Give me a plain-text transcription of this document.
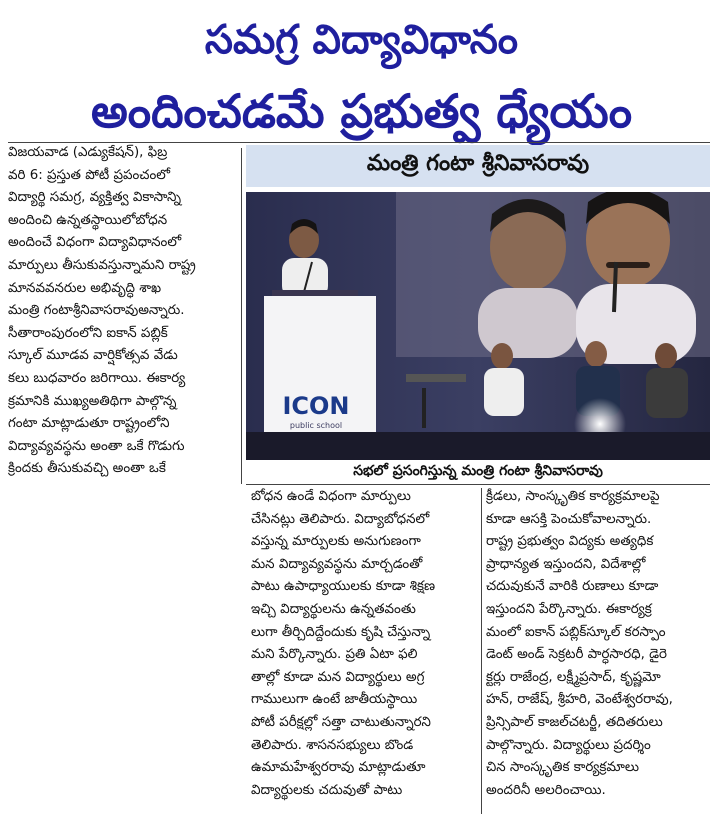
సమగ్ర విద్యావిధానం
అందించడమే ప్రభుత్వ ధ్యేయం

విజయవాడ (ఎడ్యుకేషన్), ఫిబ్ర

వరి 6: ప్రస్తుత పోటీ ప్రపంచంలో

విద్యార్థి సమగ్ర, వ్యక్తిత్వ వికాసాన్ని

అందించి ఉన్నతస్థాయిలోబోధన

అందించే విధంగా విద్యావిధానంలో

మార్పులు తీసుకువస్తున్నామని రాష్ట్ర

మానవవనరుల అభివృద్ధి శాఖ

మంత్రి గంటాశ్రీనివాసరావుఅన్నారు.

సీతారాంపురంలోని ఐకాన్ పబ్లిక్

స్కూల్ మూడవ వార్షికోత్సవ వేడు

కలు బుధవారం జరిగాయి. ఈకార్య

క్రమానికి ముఖ్యఅతిథిగా పాల్గొన్న

గంటా మాట్లాడుతూ రాష్ట్రంలోని

విద్యావ్యవస్థను అంతా ఒకే గొడుగు

క్రిందకు తీసుకువచ్చి అంతా ఒకే

మంత్రి గంటా శ్రీనివాసరావు
ICON
public school
సభలో ప్రసంగిస్తున్న మంత్రి గంటా శ్రీనివాసరావు

బోధన ఉండే విధంగా మార్పులు

చేసినట్లు తెలిపారు. విద్యాబోధనలో

వస్తున్న మార్పులకు అనుగుణంగా

మన విద్యావ్యవస్థను మార్చడంతో

పాటు ఉపాధ్యాయులకు కూడా శిక్షణ

ఇచ్చి విద్యార్థులను ఉన్నతవంతు

లుగా తీర్చిదిద్దేందుకు కృషి చేస్తున్నా

మని పేర్కొన్నారు. ప్రతి ఏటా ఫలి

తాల్లో కూడా మన విద్యార్థులు అగ్ర

గాములుగా ఉంటే జాతీయస్థాయి

పోటీ పరీక్షల్లో సత్తా చాటుతున్నారని

తెలిపారు. శాసనసభ్యులు బొండ

ఉమామహేశ్వరరావు మాట్లాడుతూ

విద్యార్థులకు చదువుతో పాటు

క్రీడలు, సాంస్కృతిక కార్యక్రమాలపై

కూడా ఆసక్తి పెంచుకోవాలన్నారు.

రాష్ట్ర ప్రభుత్వం విద్యకు అత్యధిక

ప్రాధాన్యత ఇస్తుందని, విదేశాల్లో

చదువుకునే వారికి రుణాలు కూడా

ఇస్తుందని పేర్కొన్నారు. ఈకార్యక్ర

మంలో ఐకాన్ పబ్లిక్‌స్కూల్ కరస్పాం

డెంట్ అండ్ సెక్రటరీ పార్ధసారధి, డైరె

క్టర్లు రాజేంద్ర, లక్ష్మీప్రసాద్, కృష్ణమో

హన్, రాజేష్, శ్రీహరి, వెంటేశ్వరరావు,

ప్రిన్సిపాల్ కాజల్‌చటర్జీ, తదితరులు

పాల్గొన్నారు. విద్యార్థులు ప్రదర్శిం

చిన సాంస్కృతిక కార్యక్రమాలు

అందరినీ అలరించాయి.
